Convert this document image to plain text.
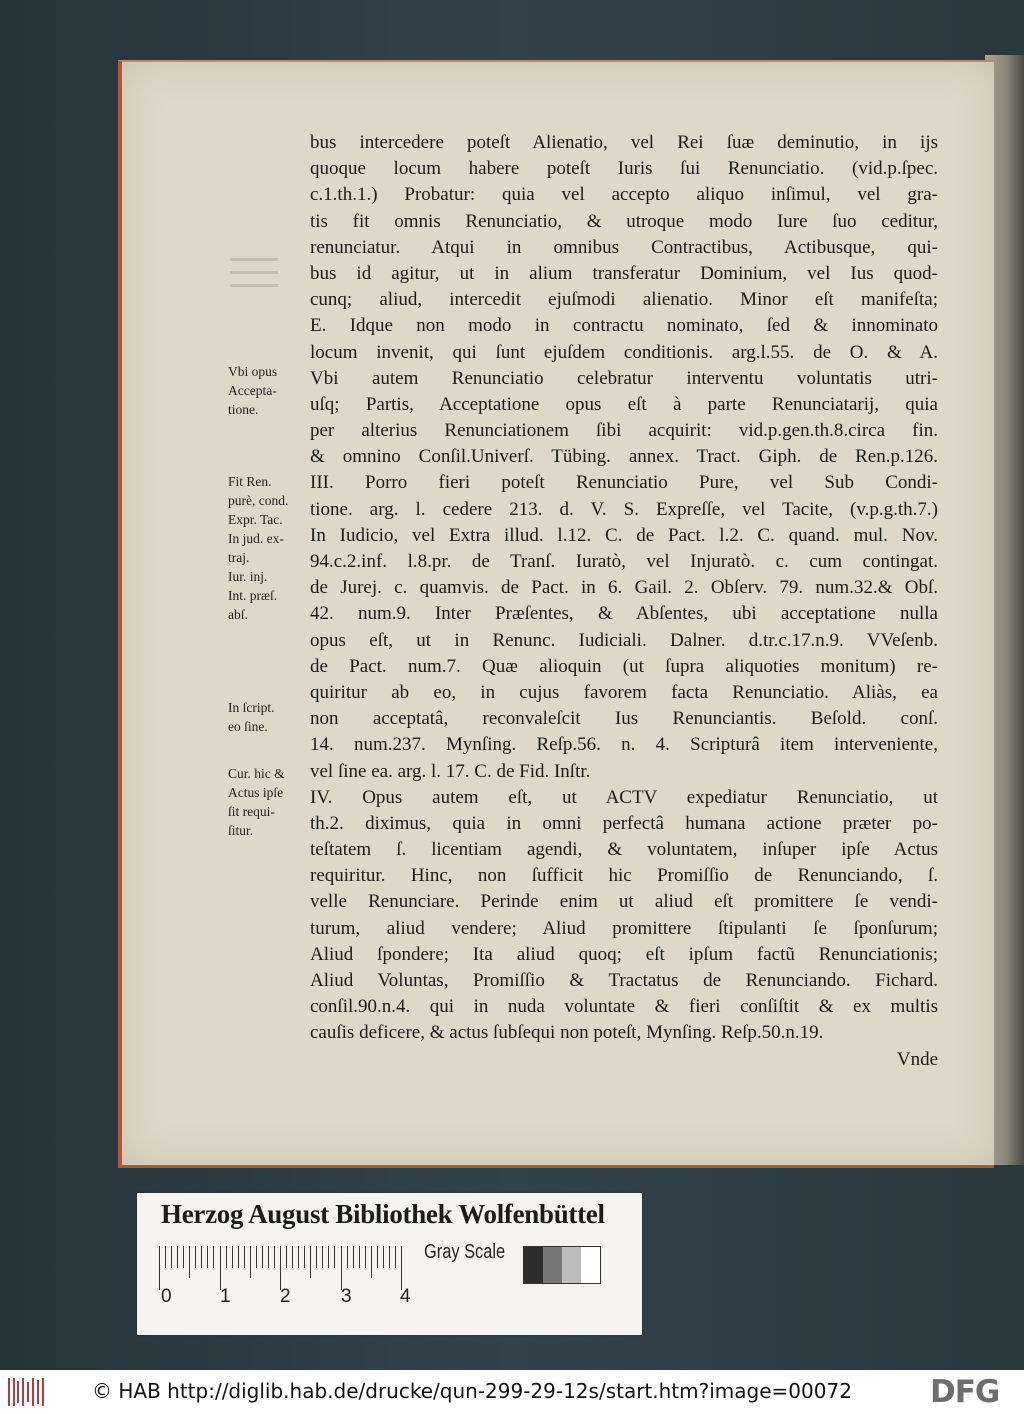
bus intercedere poteſt Alienatio, vel Rei ſuæ deminutio, in ijs
quoque locum habere poteſt Iuris ſui Renunciatio. (vid.p.ſpec.
c.1.th.1.) Probatur: quia vel accepto aliquo inſimul, vel gra-
tis fit omnis Renunciatio, & utroque modo Iure ſuo ceditur,
renunciatur. Atqui in omnibus Contractibus, Actibusque, qui-
bus id agitur, ut in alium transferatur Dominium, vel Ius quod-
cunq; aliud, intercedit ejuſmodi alienatio. Minor eſt manifeſta;
E. Idque non modo in contractu nominato, ſed & innominato
locum invenit, qui ſunt ejuſdem conditionis. arg.l.55. de O. & A.
Vbi autem Renunciatio celebratur interventu voluntatis utri-
uſq; Partis, Acceptatione opus eſt à parte Renunciatarij, quia
per alterius Renunciationem ſibi acquirit: vid.p.gen.th.8.circa fin.
& omnino Conſil.Univerſ. Tübing. annex. Tract. Giph. de Ren.p.126.
III. Porro fieri poteſt Renunciatio Pure, vel Sub Condi-
tione. arg. l. cedere 213. d. V. S. Expreſſe, vel Tacite, (v.p.g.th.7.)
In Iudicio, vel Extra illud. l.12. C. de Pact. l.2. C. quand. mul. Nov.
94.c.2.inf. l.8.pr. de Tranſ. Iuratò, vel Injuratò. c. cum contingat.
de Jurej. c. quamvis. de Pact. in 6. Gail. 2. Obſerv. 79. num.32.& Obſ.
42. num.9. Inter Præſentes, & Abſentes, ubi acceptatione nulla
opus eſt, ut in Renunc. Iudiciali. Dalner. d.tr.c.17.n.9. VVeſenb.
de Pact. num.7. Quæ alioquin (ut ſupra aliquoties monitum) re-
quiritur ab eo, in cujus favorem facta Renunciatio. Aliàs, ea
non acceptatâ, reconvaleſcit Ius Renunciantis. Beſold. conſ.
14. num.237. Mynſing. Reſp.56. n. 4. Scripturâ item interveniente,
vel ſine ea. arg. l. 17. C. de Fid. Inſtr.
IV. Opus autem eſt, ut ACTV expediatur Renunciatio, ut
th.2. diximus, quia in omni perfectâ humana actione præter po-
teſtatem ſ. licentiam agendi, & voluntatem, inſuper ipſe Actus
requiritur. Hinc, non ſufficit hic Promiſſio de Renunciando, ſ.
velle Renunciare. Perinde enim ut aliud eſt promittere ſe vendi-
turum, aliud vendere; Aliud promittere ſtipulanti ſe ſponſurum;
Aliud ſpondere; Ita aliud quoq; eſt ipſum factũ Renunciationis;
Aliud Voluntas, Promiſſio & Tractatus de Renunciando. Fichard.
conſil.90.n.4. qui in nuda voluntate & fieri conſiſtit & ex multis
cauſis deficere, & actus ſubſequi non poteſt, Mynſing. Reſp.50.n.19.
Vnde
Vbi opus
Accepta-
tione.
Fit Ren.
purè, cond.
Expr. Tac.
In jud. ex-
traj.
Iur. inj.
Int. præſ.
abſ.
In ſcript.
eo ſine.
Cur. hic &
Actus ipſe
ſit requi-
ſitur.
Herzog August Bibliothek Wolfenbüttel
0	1	2	3	4
Gray Scale
© HAB http://diglib.hab.de/drucke/qun-299-29-12s/start.htm?image=00072	DFG
